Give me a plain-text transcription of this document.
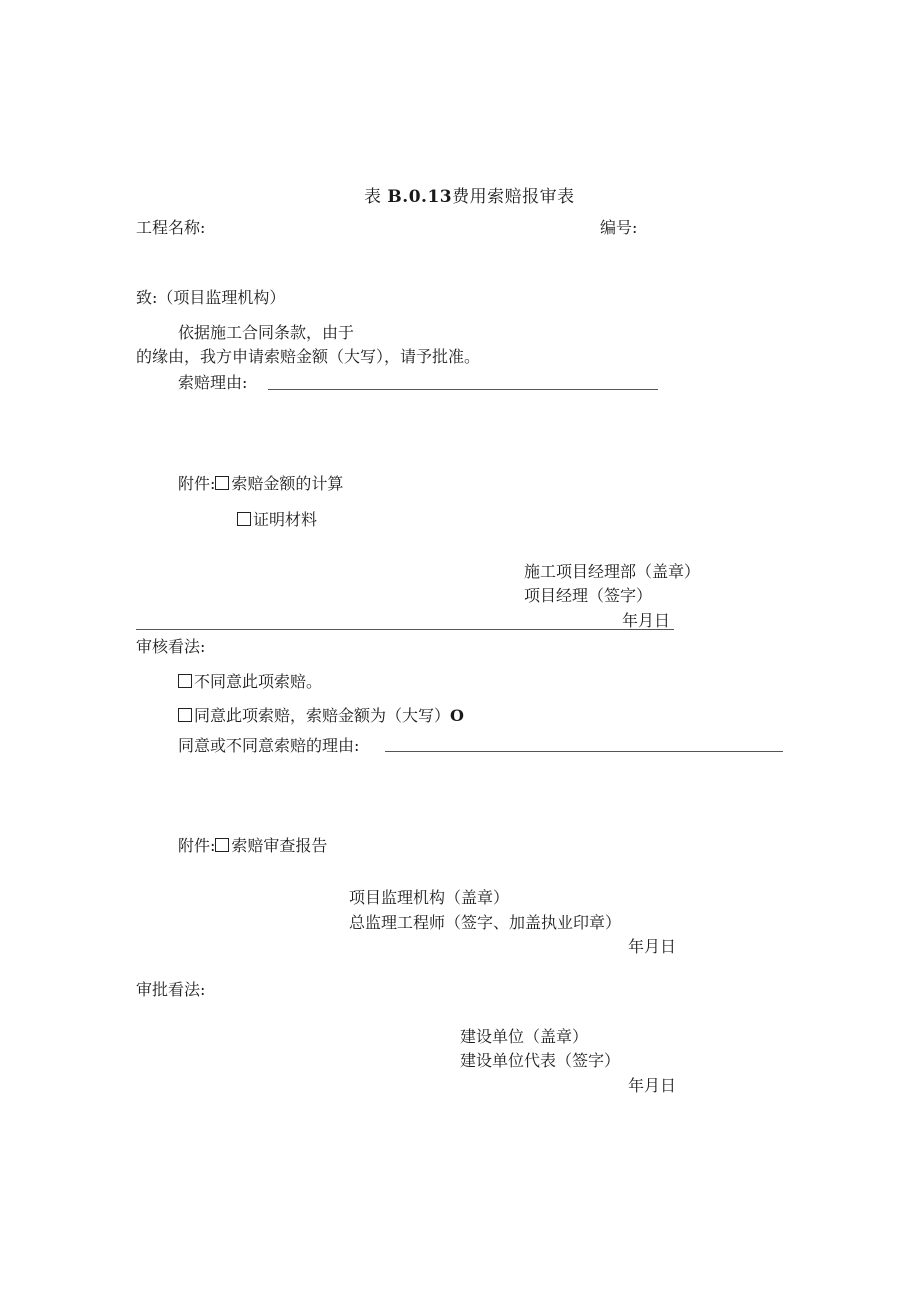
表 B.0.13费用索赔报审表
工程名称:	编号:
致:（项目监理机构）
依据施工合同条款，由于
的缘由，我方申请索赔金额（大写），请予批准。
索赔理由:
附件: 索赔金额的计算
证明材料
施工项目经理部（盖章）
项目经理（签字）
年月日
审核看法:
不同意此项索赔。
同意此项索赔，索赔金额为（大写）O
同意或不同意索赔的理由:
附件: 索赔审查报告
项目监理机构（盖章）
总监理工程师（签字、加盖执业印章）
年月日
审批看法:
建设单位（盖章）
建设单位代表（签字）
年月日
